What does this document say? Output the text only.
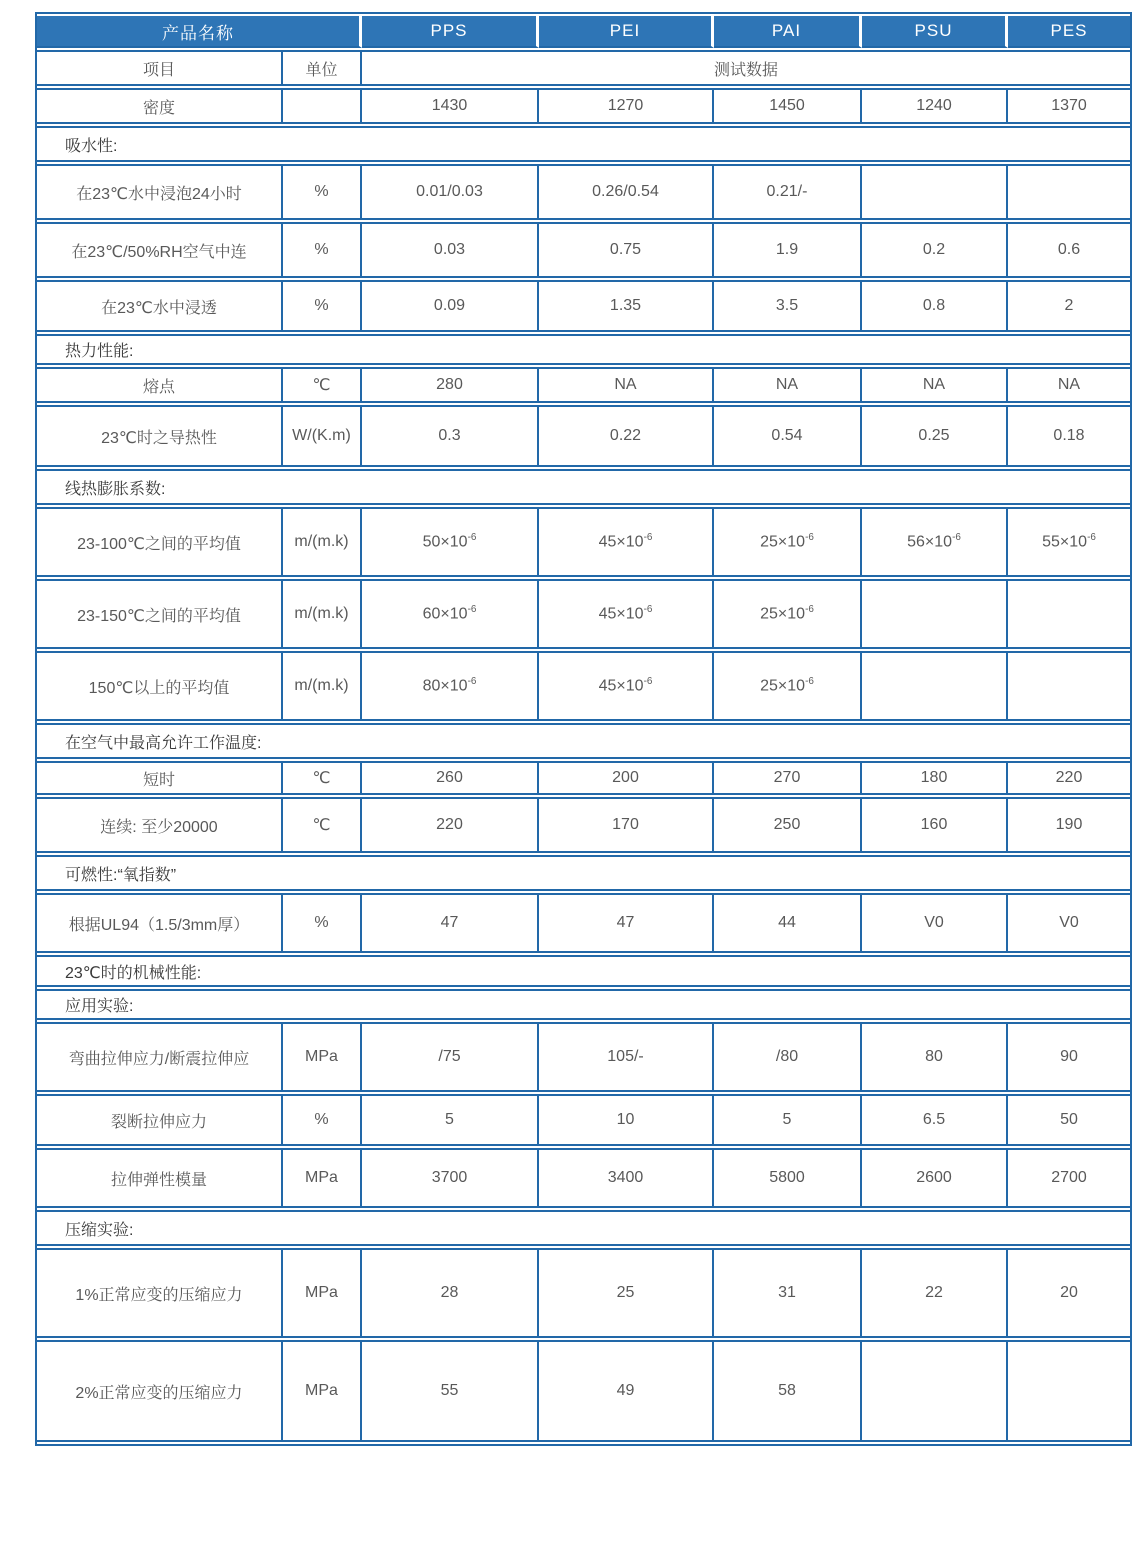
产品名称		PPS	PEI	PAI	PSU	PES
项目	单位	测试数据				
密度		1430	1270	1450	1240	1370
吸水性:						
在23℃水中浸泡24小时	%	0.01/0.03	0.26/0.54	0.21/-		
在23℃/50%RH空气中连	%	0.03	0.75	1.9	0.2	0.6
在23℃水中浸透	%	0.09	1.35	3.5	0.8	2
热力性能:						
熔点	℃	280	NA	NA	NA	NA
23℃时之导热性	W/(K.m)	0.3	0.22	0.54	0.25	0.18
线热膨胀系数:						
23-100℃之间的平均值	m/(m.k)	$50\times 10^{-6}$	$45\times 10^{-6}$	$25\times 10^{-6}$	$56\times 10^{-6}$	$55\times 10^{-6}$
23-150℃之间的平均值	m/(m.k)	$60\times 10^{-6}$	$45\times 10^{-6}$	$25\times 10^{-6}$		
150℃以上的平均值	m/(m.k)	$80\times 10^{-6}$	$45\times 10^{-6}$	$25\times 10^{-6}$		
在空气中最高允许工作温度:						
短时	℃	260	200	270	180	220
连续: 至少20000	℃	220	170	250	160	190
可燃性:“氧指数”						
根据UL94（1.5/3mm厚）	%	47	47	44	V0	V0
23℃时的机械性能:						
应用实验:						
弯曲拉伸应力/断震拉伸应	MPa	/75	105/-	/80	80	90
裂断拉伸应力	%	5	10	5	6.5	50
拉伸弹性模量	MPa	3700	3400	5800	2600	2700
压缩实验:						
1%正常应变的压缩应力	MPa	28	25	31	22	20
2%正常应变的压缩应力	MPa	55	49	58		
